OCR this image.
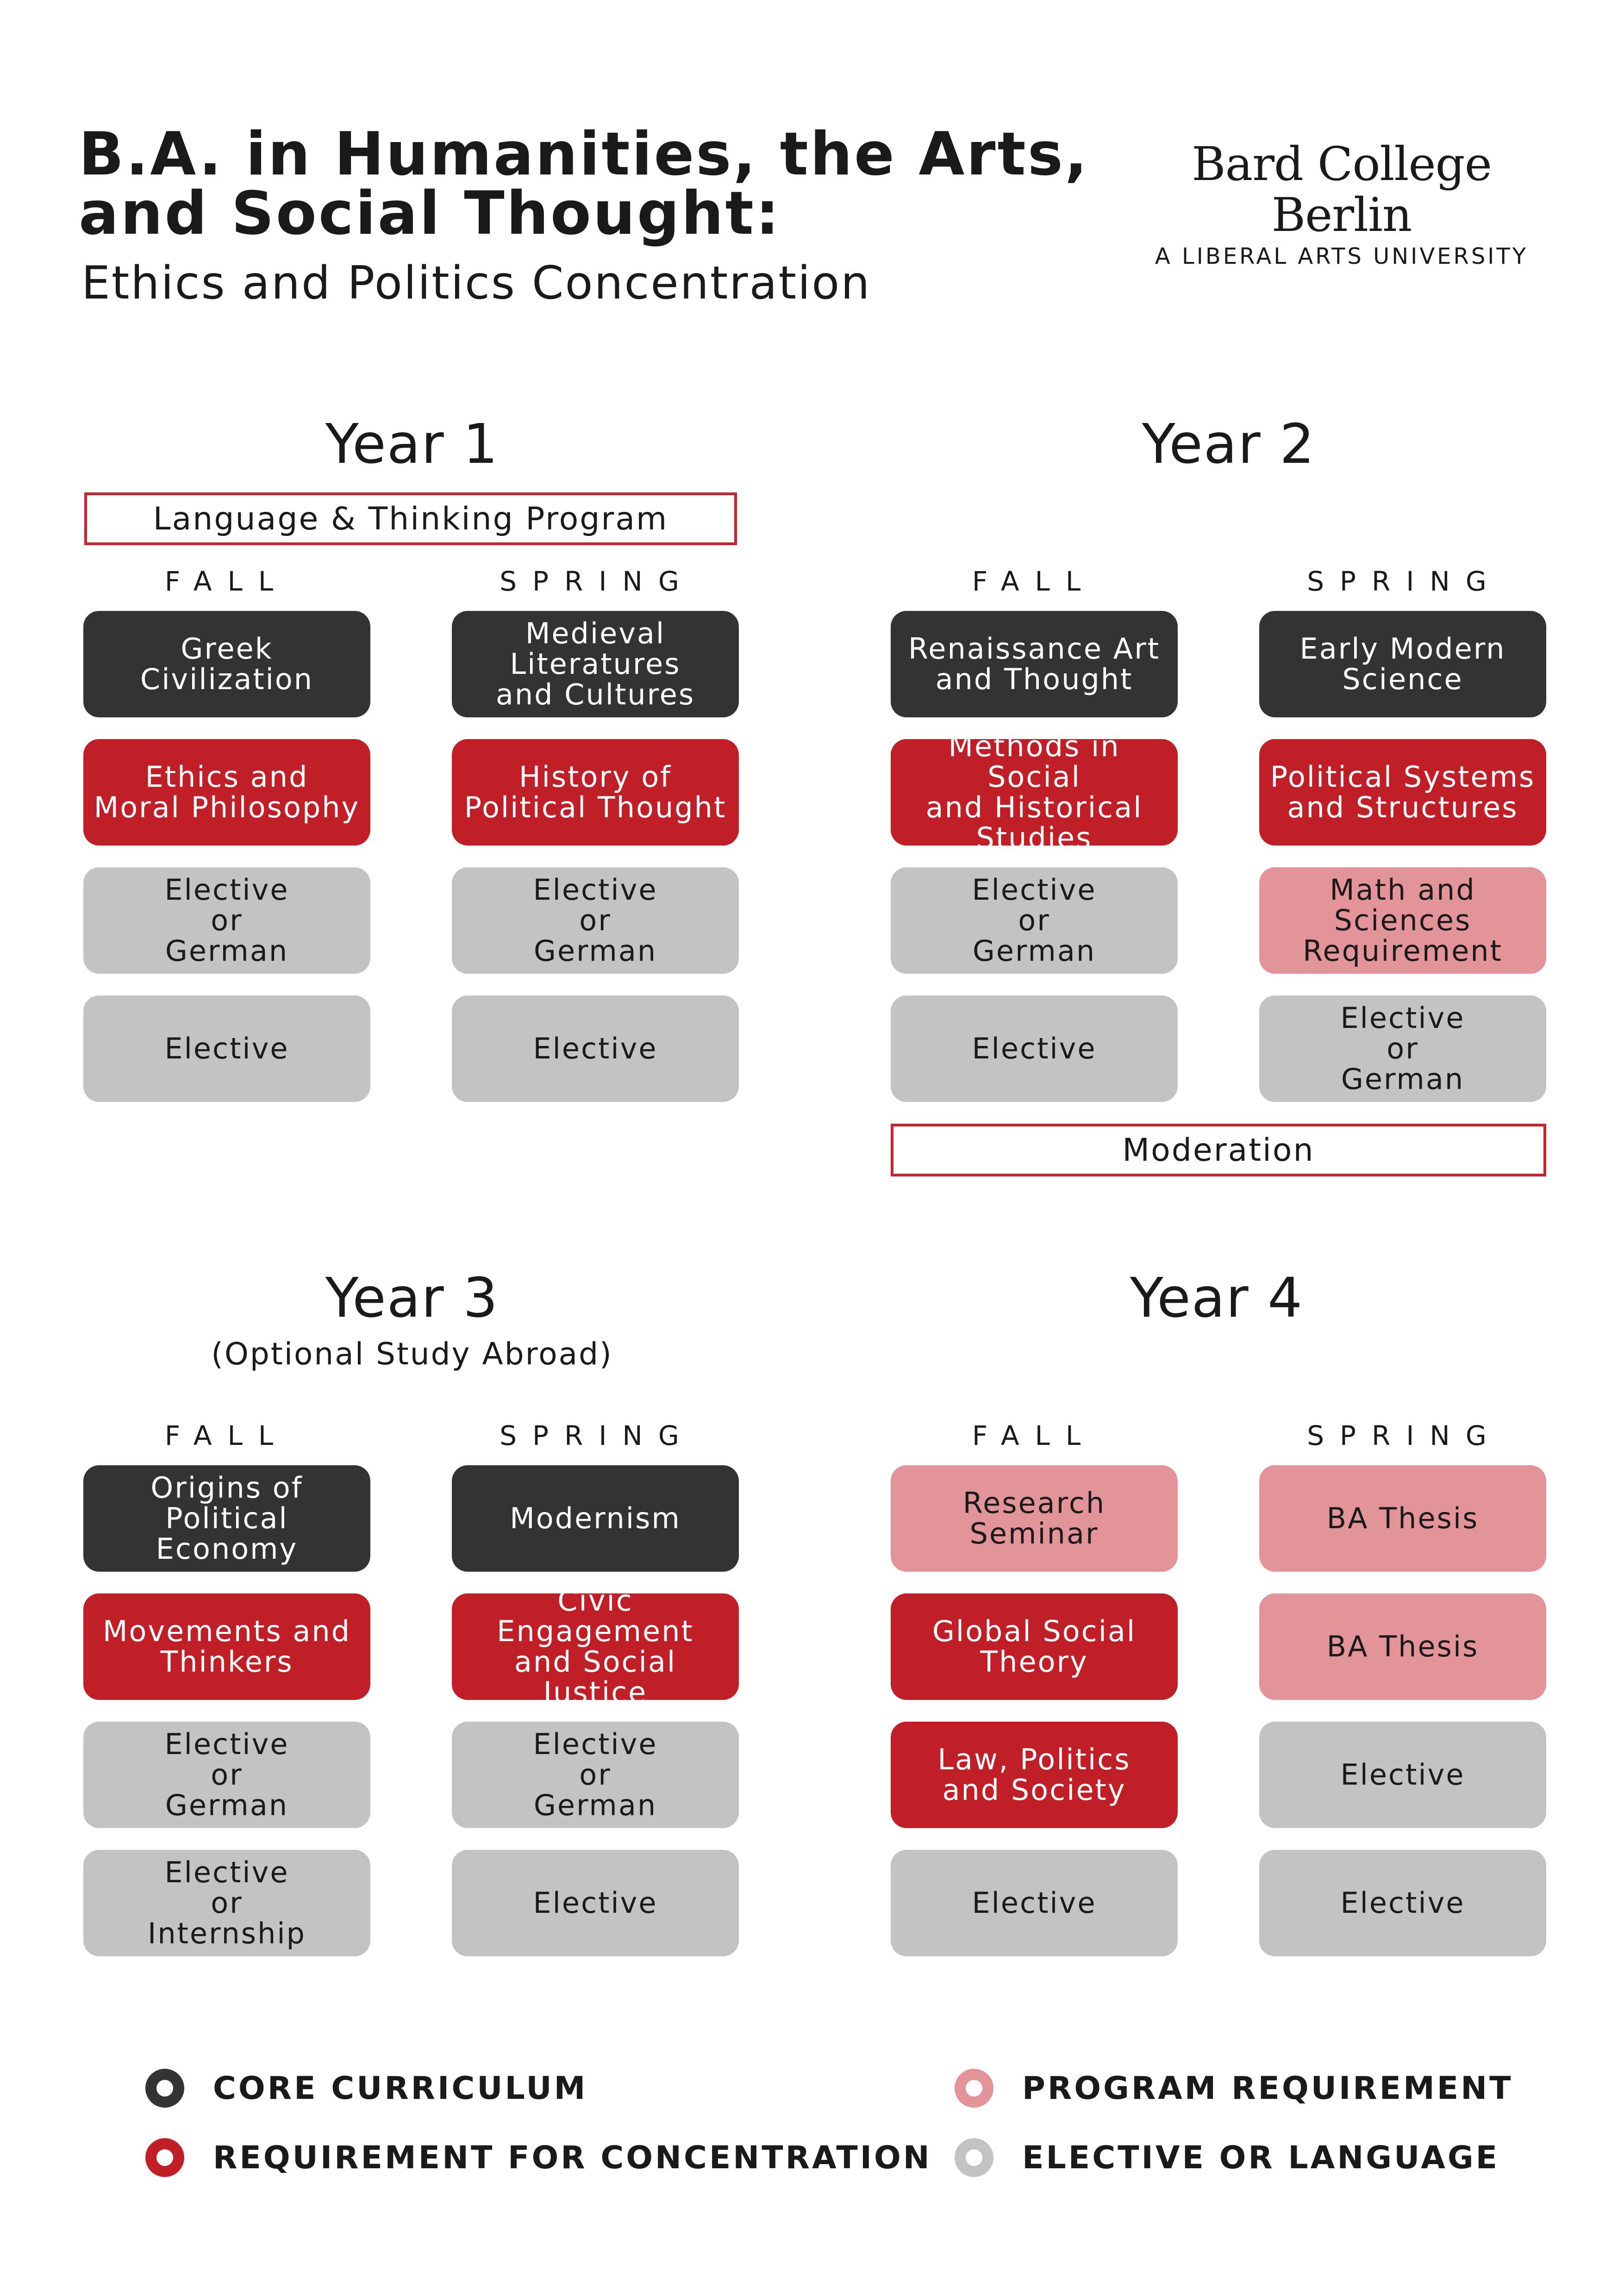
B.A. in Humanities, the Arts,
and Social Thought:
Ethics and Politics Concentration
Bard College Berlin
A LIBERAL ARTS UNIVERSITY
Year 1
Language & Thinking Program
FALL	SPRING
Greek Civilization
Ethics and
Moral Philosophy
Elective
or
German
Elective
Medieval
Literatures
and Cultures
History of
Political Thought
Elective
or
German
Elective
Year 2
FALL	SPRING
Renaissance Art
and Thought
Methods in Social
and Historical
Studies
Elective
or
German
Elective
Early Modern
Science
Political Systems
and Structures
Math and Sciences
Requirement
Elective
or
German
Moderation
Year 3
(Optional Study Abroad)
FALL	SPRING
Origins of
Political Economy
Movements and
Thinkers
Elective
or
German
Elective
or
Internship
Modernism
Civic Engagement
and Social Justice
Elective
or
German
Elective
Year 4
FALL	SPRING
Research
Seminar
Global Social
Theory
Law, Politics
and Society
Elective
BA Thesis
BA Thesis
Elective
Elective
CORE CURRICULUM
REQUIREMENT FOR CONCENTRATION
PROGRAM REQUIREMENT
ELECTIVE OR LANGUAGE
